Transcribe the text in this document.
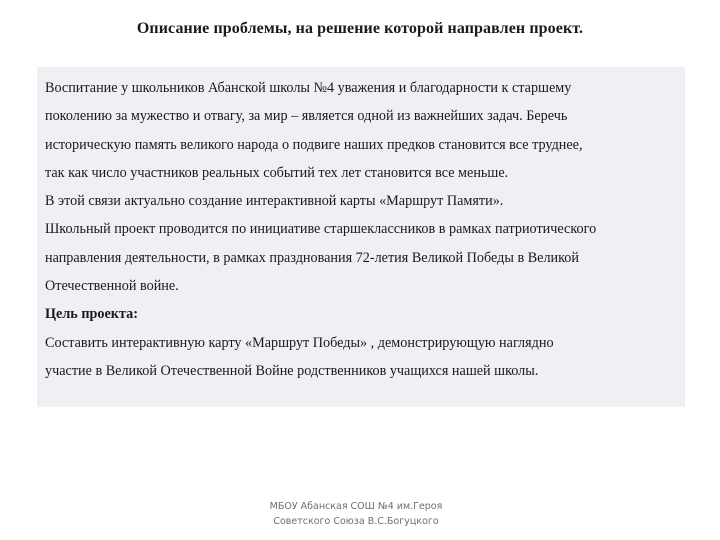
Описание проблемы, на решение которой направлен проект.
Воспитание у школьников Абанской школы №4 уважения и благодарности к старшему
поколению за мужество и отвагу, за мир – является одной из важнейших задач. Беречь
историческую память великого народа о подвиге наших предков становится все труднее,
так как число участников реальных событий тех лет становится все меньше.
В этой связи актуально создание интерактивной карты «Маршрут Памяти».
Школьный проект проводится по инициативе старшеклассников в рамках патриотического
направления деятельности, в рамках празднования 72-летия Великой Победы в Великой
Отечественной войне.
Цель проекта:
Составить интерактивную карту «Маршрут Победы» , демонстрирующую наглядно
участие в Великой Отечественной Войне родственников учащихся нашей школы.
МБОУ Абанская СОШ №4 им.Героя
Советского Союза В.С.Богуцкого
